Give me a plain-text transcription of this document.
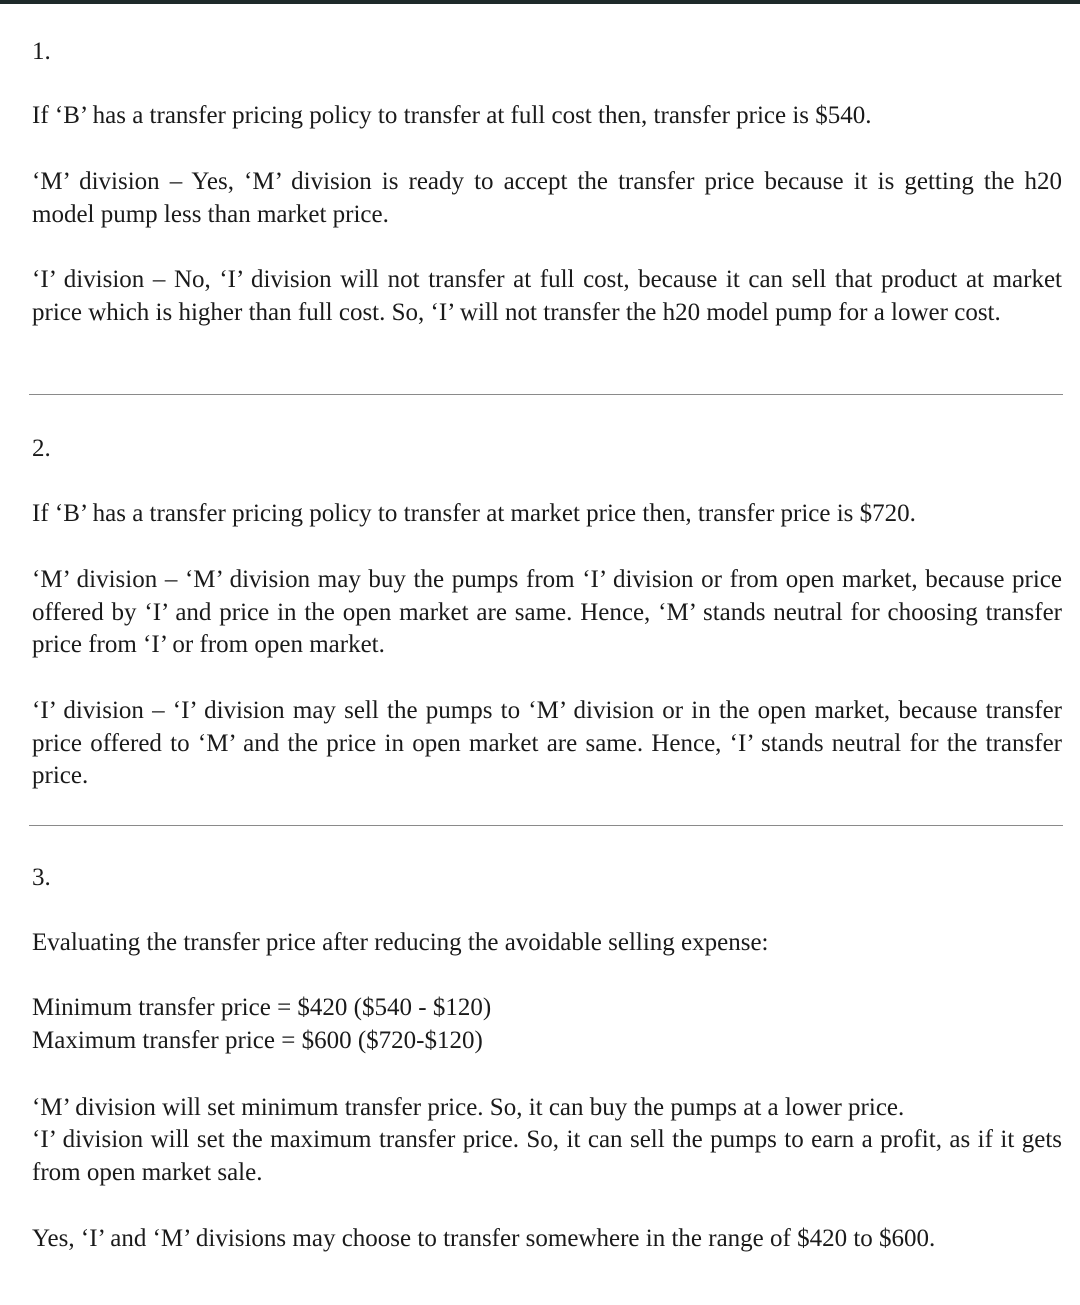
1.

If ‘B’ has a transfer pricing policy to transfer at full cost then, transfer price is $540.

‘M’ division – Yes, ‘M’ division is ready to accept the transfer price because it is getting the h20 model pump less than market price.

‘I’ division – No, ‘I’ division will not transfer at full cost, because it can sell that product at market price which is higher than full cost. So, ‘I’ will not transfer the h20 model pump for a lower cost.

2.

If ‘B’ has a transfer pricing policy to transfer at market price then, transfer price is $720.

‘M’ division – ‘M’ division may buy the pumps from ‘I’ division or from open market, because price offered by ‘I’ and price in the open market are same. Hence, ‘M’ stands neutral for choosing transfer price from ‘I’ or from open market.

‘I’ division – ‘I’ division may sell the pumps to ‘M’ division or in the open market, because transfer price offered to ‘M’ and the price in open market are same. Hence, ‘I’ stands neutral for the transfer price.

3.

Evaluating the transfer price after reducing the avoidable selling expense:

Minimum transfer price = $420 ($540 - $120)

Maximum transfer price = $600 ($720-$120)

‘M’ division will set minimum transfer price. So, it can buy the pumps at a lower price.

‘I’ division will set the maximum transfer price. So, it can sell the pumps to earn a profit, as if it gets from open market sale.

Yes, ‘I’ and ‘M’ divisions may choose to transfer somewhere in the range of $420 to $600.
